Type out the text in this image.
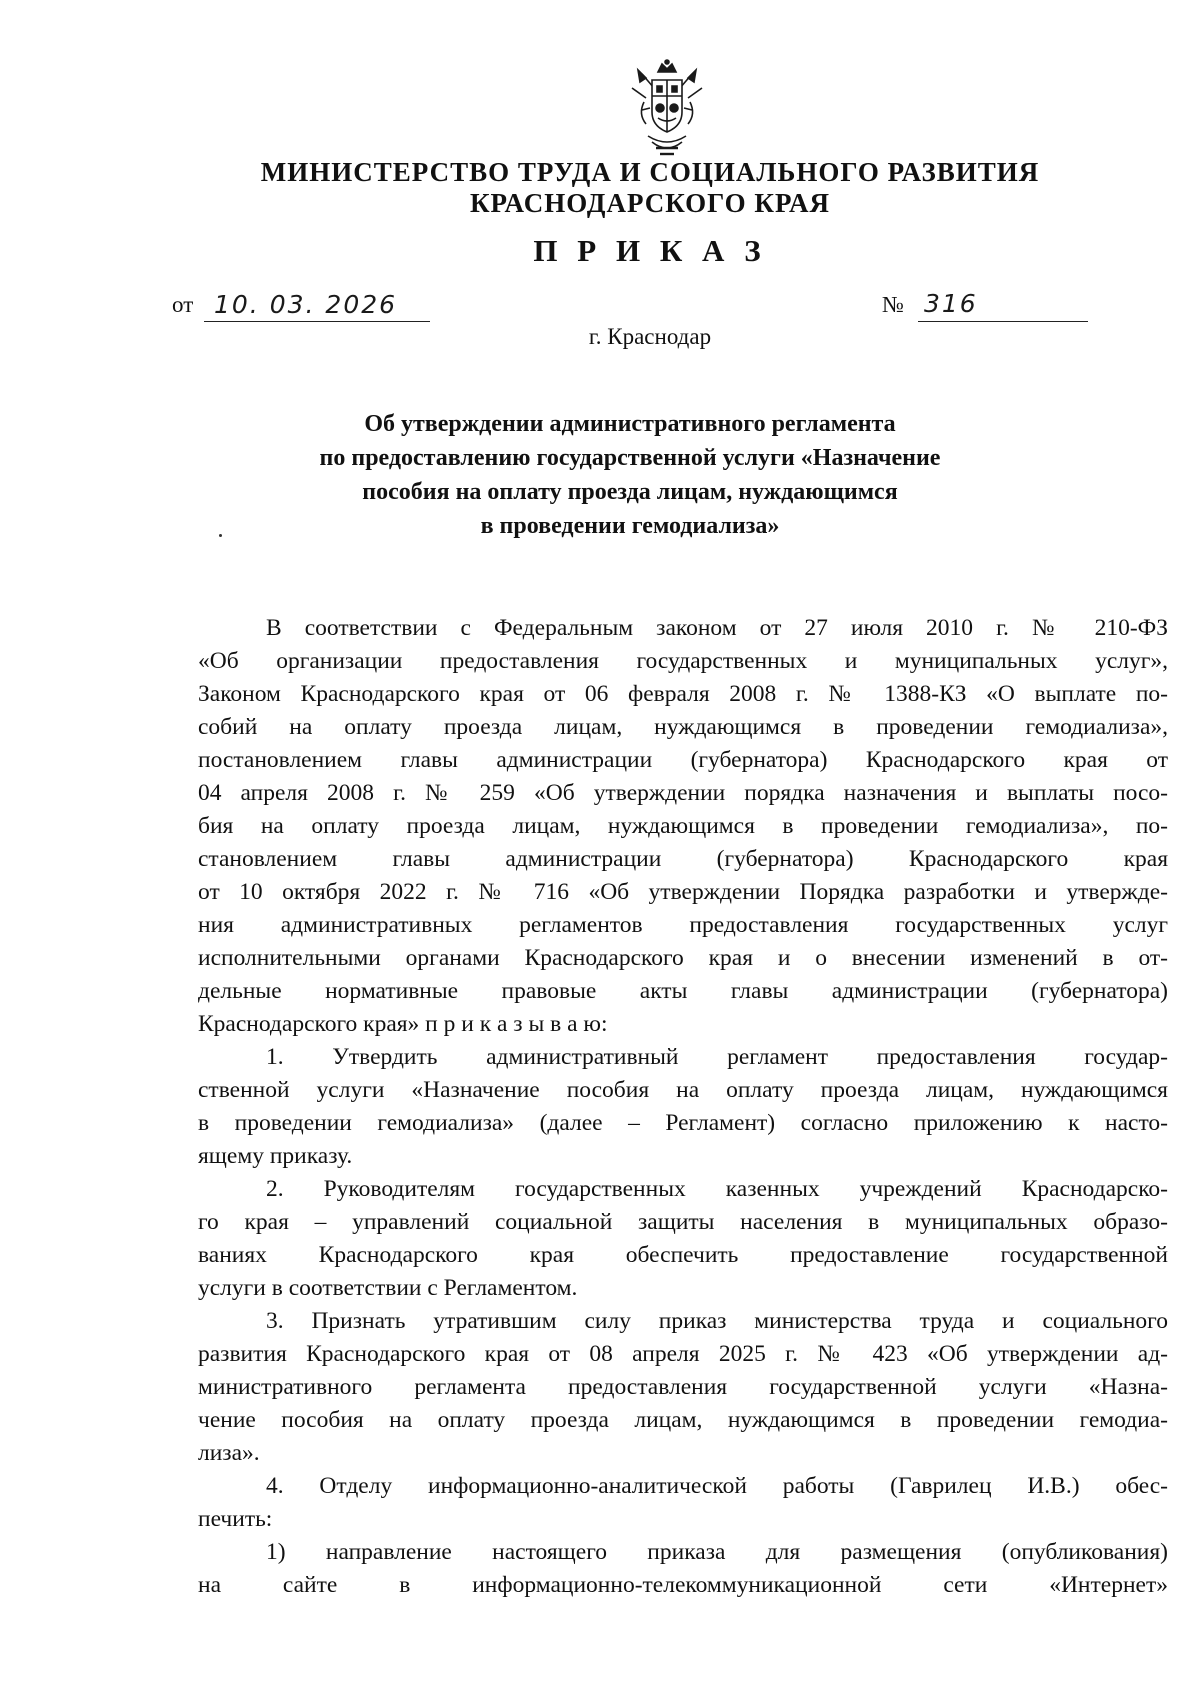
МИНИСТЕРСТВО ТРУДА И СОЦИАЛЬНОГО РАЗВИТИЯ
КРАСНОДАРСКОГО КРАЯ
П Р И К А З
от 10. 03. 2026	№ 316
г. Краснодар
Об утверждении административного регламента
по предоставлению государственной услуги «Назначение
пособия на оплату проезда лицам, нуждающимся
в проведении гемодиализа»
В соответствии с Федеральным законом от 27 июля 2010 г. № 210-ФЗ
«Об организации предоставления государственных и муниципальных услуг»,
Законом Краснодарского края от 06 февраля 2008 г. № 1388-КЗ «О выплате по-
собий на оплату проезда лицам, нуждающимся в проведении гемодиализа»,
постановлением главы администрации (губернатора) Краснодарского края от
04 апреля 2008 г. № 259 «Об утверждении порядка назначения и выплаты посо-
бия на оплату проезда лицам, нуждающимся в проведении гемодиализа», по-
становлением главы администрации (губернатора) Краснодарского края
от 10 октября 2022 г. № 716 «Об утверждении Порядка разработки и утвержде-
ния административных регламентов предоставления государственных услуг
исполнительными органами Краснодарского края и о внесении изменений в от-
дельные нормативные правовые акты главы администрации (губернатора)
Краснодарского края» п р и к а з ы в а ю:
1. Утвердить административный регламент предоставления государ-
ственной услуги «Назначение пособия на оплату проезда лицам, нуждающимся
в проведении гемодиализа» (далее – Регламент) согласно приложению к насто-
ящему приказу.
2. Руководителям государственных казенных учреждений Краснодарско-
го края – управлений социальной защиты населения в муниципальных образо-
ваниях Краснодарского края обеспечить предоставление государственной
услуги в соответствии с Регламентом.
3. Признать утратившим силу приказ министерства труда и социального
развития Краснодарского края от 08 апреля 2025 г. № 423 «Об утверждении ад-
министративного регламента предоставления государственной услуги «Назна-
чение пособия на оплату проезда лицам, нуждающимся в проведении гемодиа-
лиза».
4. Отделу информационно-аналитической работы (Гаврилец И.В.) обес-
печить:
1) направление настоящего приказа для размещения (опубликования)
на сайте в информационно-телекоммуникационной сети «Интернет»
